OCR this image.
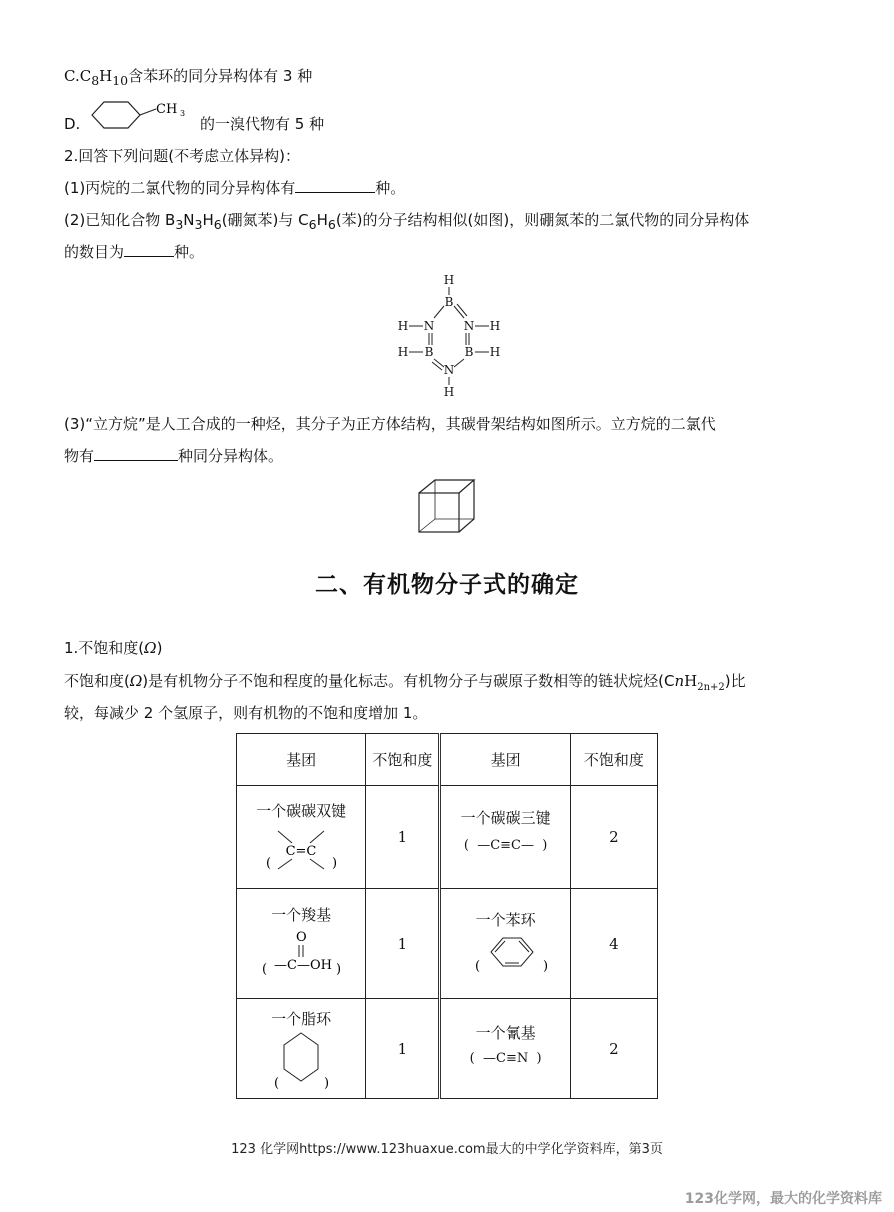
$C.C_8H_{10}$含苯环的同分异构体有 3 种
D.
CH 3
的一溴代物有 5 种
2.回答下列问题(不考虑立体异构)：
(1)丙烷的二氯代物的同分异构体有	种。
(2)已知化合物 $B_3N_3H_6$(硼氮苯)与 $C_6H_6$(苯)的分子结构相似(如图)，则硼氮苯的二氯代物的同分异构体
的数目为	种。
H
B
N N
B	B
N
H
H	H
H	H
(3)“立方烷”是人工合成的一种烃，其分子为正方体结构，其碳骨架结构如图所示。立方烷的二氯代
物有	种同分异构体。
二、有机物分子式的确定
1.不饱和度(Ω)
不饱和度(Ω)是有机物分子不饱和程度的量化标志。有机物分子与碳原子数相等的链状烷烃(CnH$_{2n+2}$)比
较，每减少 2 个氢原子，则有机物的不饱和度增加 1。
基团	不饱和度	基团	不饱和度

一个碳碳双键
( )
C=C	1	一个碳碳三键
( —C≡C— )	2

一个羧基
O
( —C—OH )	1	一个苯环
( )	4

一个脂环
( )	1	一个氰基
( —C≡N )	2
123 化学网https://www.123huaxue.com最大的中学化学资料库，第3页
123化学网，最大的化学资料库
